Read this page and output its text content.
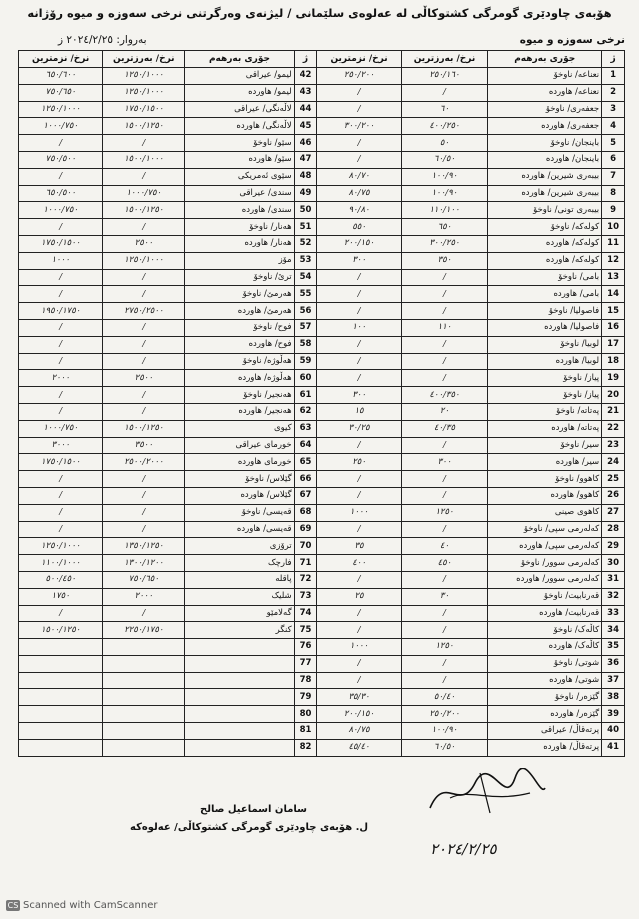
هۆبەی چاودێری گومرگی کشتوکاڵی لە عەلوەی سلێمانی / لیژنەی وەرگرتنی نرخی سەوزە و میوە رۆژانە
بەروار: ٢٠٢٤/٢/٢٥ ز	نرخی سەوزە و میوە
نرخ/ نزمترین	نرخ/ بەرزترین	جۆری بەرهەم	ژ	نرخ/ نزمترین	نرخ/ بەرزترین	جۆری بەرهەم	ژ
٦٥٠/٦٠٠	١٢٥٠/١٠٠٠	لیمو/ عیراقی	42	٢٥٠/٢٠٠	٢٥٠/١٦٠	نعناعە/ ناوخۆ	1
٧٥٠/٦٥٠	١٢٥٠/١٠٠٠	لیمو/ هاوردە	43	/	/	نعناعە/ هاوردە	2
١٢٥٠/١٠٠٠	١٧٥٠/١٥٠٠	لاڵەنگی/ عیراقی	44	/	٦٠	جعفەری/ ناوخۆ	3
١٠٠٠/٧٥٠	١٥٠٠/١٢٥٠	لاڵەنگی/ هاوردە	45	٣٠٠/٢٠٠	٤٠٠/٢٥٠	جعفەری/ هاوردە	4
/	/	سێو/ ناوخۆ	46	/	٥٠	باینجان/ ناوخۆ	5
٧٥٠/٥٠٠	١٥٠٠/١٠٠٠	سێو/ هاوردە	47	/	٦٠/٥٠	باینجان/ هاوردە	6
/	/	سێوی ئەمریکی	48	٨٠/٧٠	١٠٠/٩٠	بیبەری شیرین/ هاوردە	7
٦٥٠/٥٠٠	١٠٠٠/٧٥٠	سندی/ عیراقی	49	٨٠/٧٥	١٠٠/٩٠	بیبەری شیرین/ هاوردە	8
١٠٠٠/٧٥٠	١٥٠٠/١٢٥٠	سندی/ هاوردە	50	٩٠/٨٠	١١٠/١٠٠	بیبەری تونی/ ناوخۆ	9
/	/	هەنار/ ناوخۆ	51	٥٥٠	٦٥٠	کولەکە/ ناوخۆ	10
١٧٥٠/١٥٠٠	٢٥٠٠	هەنار/ هاوردە	52	٢٠٠/١٥٠	٣٠٠/٢٥٠	کولەکە/ هاوردە	11
١٠٠٠	١٢٥٠/١٠٠٠	مۆز	53	٣٠٠	٣٥٠	کولەکە/ هاوردە	12
/	/	ترێ/ ناوخۆ	54	/	/	بامی/ ناوخۆ	13
/	/	هەرمێ/ ناوخۆ	55	/	/	بامی/ هاوردە	14
١٩٥٠/١٧٥٠	٢٧٥٠/٢٥٠٠	هەرمێ/ هاوردە	56	/	/	فاصولیا/ ناوخۆ	15
/	/	فوح/ ناوخۆ	57	١٠٠	١١٠	فاصولیا/ هاوردە	16
/	/	فوح/ هاوردە	58	/	/	لوبیا/ ناوخۆ	17
/	/	هەڵوژە/ ناوخۆ	59	/	/	لوبیا/ هاوردە	18
٢٠٠٠	٢٥٠٠	هەڵوژە/ هاوردە	60	/	/	پیاز/ ناوخۆ	19
/	/	هەنجیر/ ناوخۆ	61	٣٠٠	٤٠٠/٣٥٠	پیاز/ ناوخۆ	20
/	/	هەنجیر/ هاوردە	62	١٥	٢٠	پەتاتە/ ناوخۆ	21
١٠٠٠/٧٥٠	١٥٠٠/١٢٥٠	کیوی	63	٣٠/٢٥	٤٠/٣٥	پەتاتە/ هاوردە	22
٣٠٠٠	٣٥٠٠	خورمای عیراقی	64	/	/	سیر/ ناوخۆ	23
١٧٥٠/١٥٠٠	٢٥٠٠/٢٠٠٠	خورمای هاوردە	65	٢٥٠	٣٠٠	سیر/ هاوردە	24
/	/	گێلاس/ ناوخۆ	66	/	/	کاهوو/ ناوخۆ	25
/	/	گێلاس/ هاوردە	67	/	/	کاهوو/ هاوردە	26
/	/	قەیسی/ ناوخۆ	68	١٠٠٠	١٢٥٠	کاهوی صینی	27
/	/	قەیسی/ هاوردە	69	/	/	کەلەرمی سپی/ ناوخۆ	28
١٢٥٠/١٠٠٠	١٣٥٠/١٢٥٠	ترۆزی	70	٣٥	٤٠	کەلەرمی سپی/ هاوردە	29
١١٠٠/١٠٠٠	١٣٠٠/١٢٠٠	فارچک	71	٤٠٠	٤٥٠	کەلەرمی سوور/ ناوخۆ	30
٥٠٠/٤٥٠	٧٥٠/٦٥٠	پاقلە	72	/	/	کەلەرمی سوور/ هاوردە	31
١٧٥٠	٢٠٠٠	شلیک	73	٢٥	٣٠	قەرنابیت/ ناوخۆ	32
/	/	گەلامێو	74	/	/	قەرنابیت/ هاوردە	33
١٥٠٠/١٢٥٠	٢٢٥٠/١٧٥٠	کنگر	75	/	/	کاڵەک/ ناوخۆ	34
			76	١٠٠٠	١٢٥٠	کاڵەک/ هاوردە	35
			77	/	/	شوتی/ ناوخۆ	36
			78	/	/	شوتی/ هاوردە	37
			79	٣٥/٣٠	٥٠/٤٠	گێزەر/ ناوخۆ	38
			80	٢٠٠/١٥٠	٢٥٠/٢٠٠	گێزەر/ هاوردە	39
			81	٨٠/٧٥	١٠٠/٩٠	پرتەقاڵ/ عیراقی	40
			82	٤٥/٤٠	٦٠/٥٠	پرتەقاڵ/ هاوردە	41
سامان اسماعیل صالح
ل. هۆبەی چاودێری گومرگی کشتوکاڵی/ عەلوەکە
٢٠٢٤/٢/٢٥
CS Scanned with CamScanner
